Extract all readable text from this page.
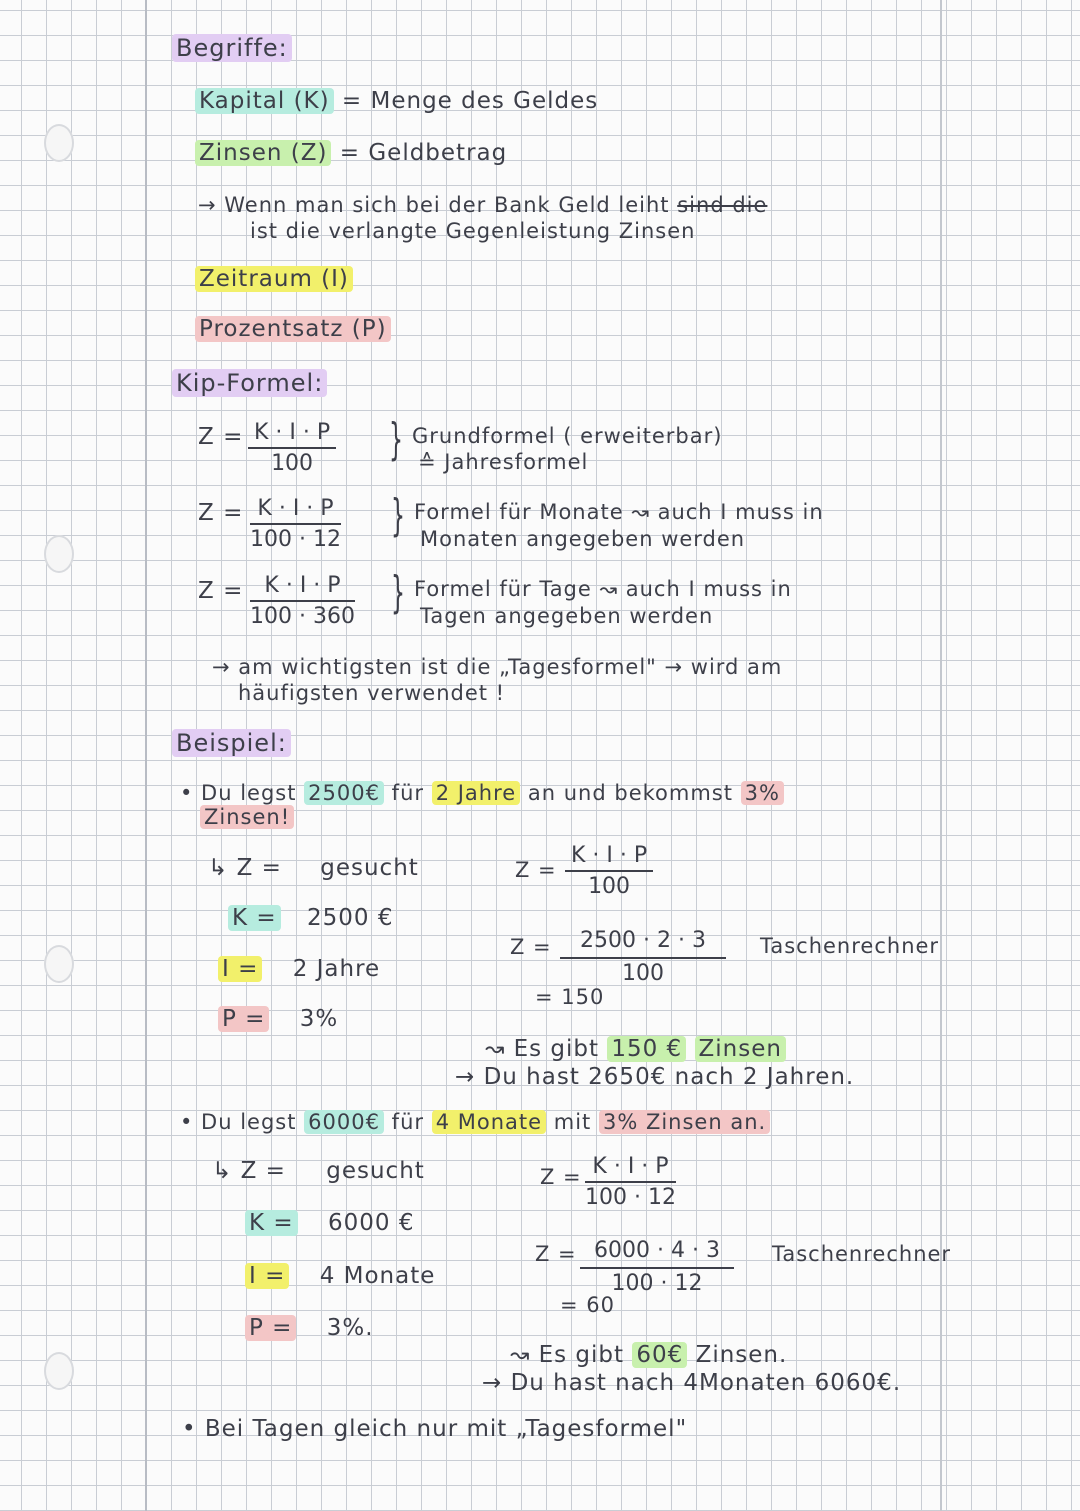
Begriffe:
Kapital (K) = Menge des Geldes
Zinsen (Z) = Geldbetrag
→ Wenn man sich bei der Bank Geld leiht sind die
ist die verlangte Gegenleistung Zinsen
Zeitraum (I)
Prozentsatz (P)
Kip-Formel:
$Z = \frac{K \cdot I \cdot P}{100}$ } Grundformel ( erweiterbar)
≙ Jahresformel
$Z = \frac{K \cdot I \cdot P}{100 \cdot 12}$ } Formel für Monate ↝ auch I muss in
Monaten angegeben werden
$Z = \frac{K \cdot I \cdot P}{100 \cdot 360}$ } Formel für Tage ↝ auch I muss in
Tagen angegeben werden
→ am wichtigsten ist die „Tagesformel" → wird am
häufigsten verwendet !
Beispiel:
• Du legst 2500€ für 2 Jahre an und bekommst 3%
Zinsen!
↳ Z = gesucht
K = 2500 €
I = 2 Jahre
P = 3%
$Z = \frac{K \cdot I \cdot P}{100}$
$Z = \frac{2500 \cdot 2 \cdot 3}{100}$ Taschenrechner
= 150
↝ Es gibt 150 € Zinsen
→ Du hast 2650€ nach 2 Jahren.
• Du legst 6000€ für 4 Monate mit 3% Zinsen an.
↳ Z = gesucht
K = 6000 €
I = 4 Monate
P = 3%.
$Z = \frac{K \cdot I \cdot P}{100 \cdot 12}$
$Z = \frac{6000 \cdot 4 \cdot 3}{100 \cdot 12}$ Taschenrechner
= 60
↝ Es gibt 60€ Zinsen.
→ Du hast nach 4Monaten 6060€.
• Bei Tagen gleich nur mit „Tagesformel"
